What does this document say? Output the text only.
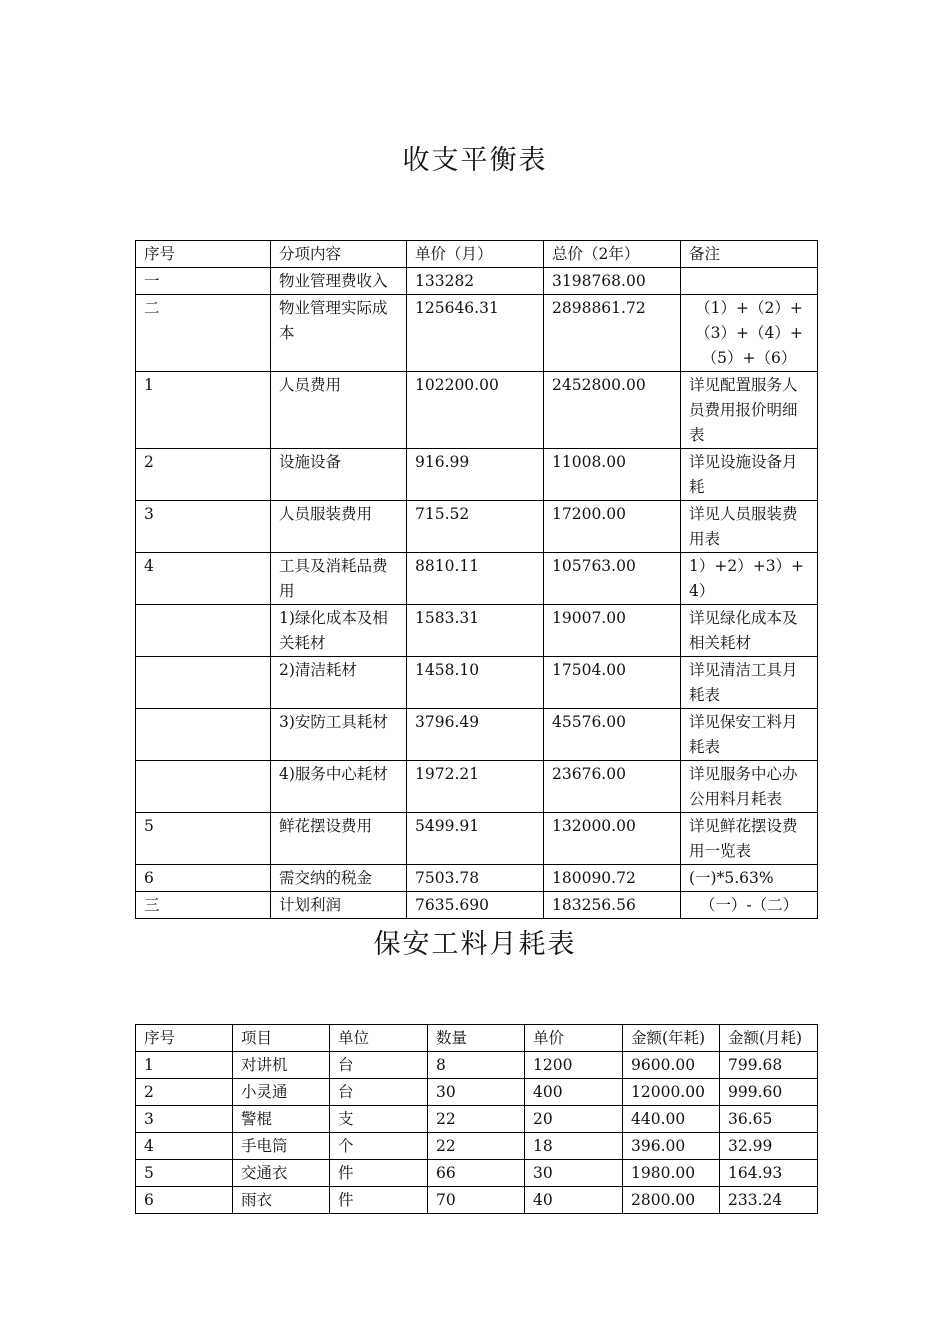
收支平衡表
序号	分项内容	单价（月）	总价（2年）	备注
一	物业管理费收入	133282	3198768.00	
二	物业管理实际成本	125646.31	2898861.72	（1）+（2）+（3）+（4）+（5）+（6）
1	人员费用	102200.00	2452800.00	详见配置服务人员费用报价明细表
2	设施设备	916.99	11008.00	详见设施设备月耗
3	人员服装费用	715.52	17200.00	详见人员服装费用表
4	工具及消耗品费用	8810.11	105763.00	1）+2）+3）+4）
	1)绿化成本及相关耗材	1583.31	19007.00	详见绿化成本及相关耗材
	2)清洁耗材	1458.10	17504.00	详见清洁工具月耗表
	3)安防工具耗材	3796.49	45576.00	详见保安工料月耗表
	4)服务中心耗材	1972.21	23676.00	详见服务中心办公用料月耗表
5	鲜花摆设费用	5499.91	132000.00	详见鲜花摆设费用一览表
6	需交纳的税金	7503.78	180090.72	(一)*5.63%
三	计划利润	7635.690	183256.56	（一）-（二）
保安工料月耗表
序号	项目	单位	数量	单价	金额(年耗)	金额(月耗)
1	对讲机	台	8	1200	9600.00	799.68
2	小灵通	台	30	400	12000.00	999.60
3	警棍	支	22	20	440.00	36.65
4	手电筒	个	22	18	396.00	32.99
5	交通衣	件	66	30	1980.00	164.93
6	雨衣	件	70	40	2800.00	233.24
